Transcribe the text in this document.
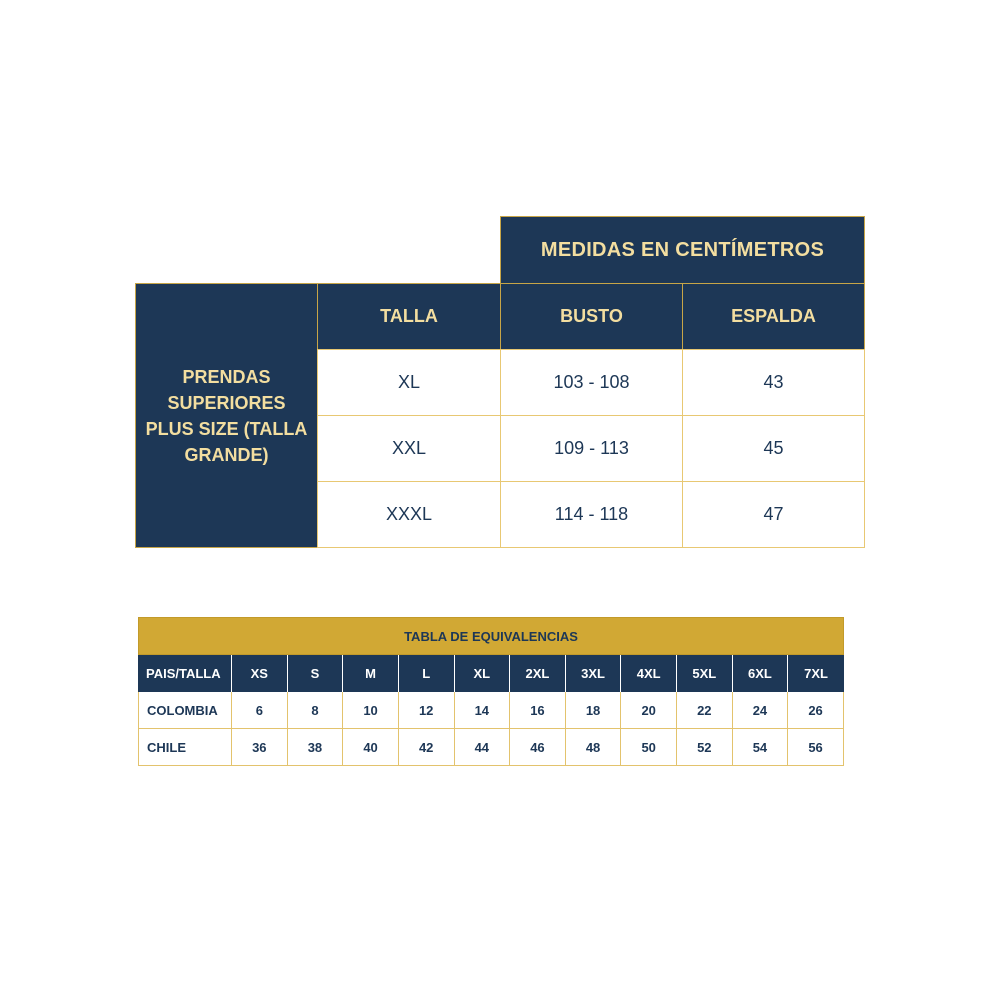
MEDIDAS EN CENTÍMETROS
PRENDAS SUPERIORES PLUS SIZE (TALLA GRANDE)
TALLA	BUSTO	ESPALDA
XL	103 - 108	43
XXL	109 - 113	45
XXXL	114 - 118	47
TABLA DE EQUIVALENCIAS
PAIS/TALLA	XS	S	M	L	XL	2XL	3XL	4XL	5XL	6XL	7XL
COLOMBIA	6	8	10	12	14	16	18	20	22	24	26
CHILE	36	38	40	42	44	46	48	50	52	54	56
